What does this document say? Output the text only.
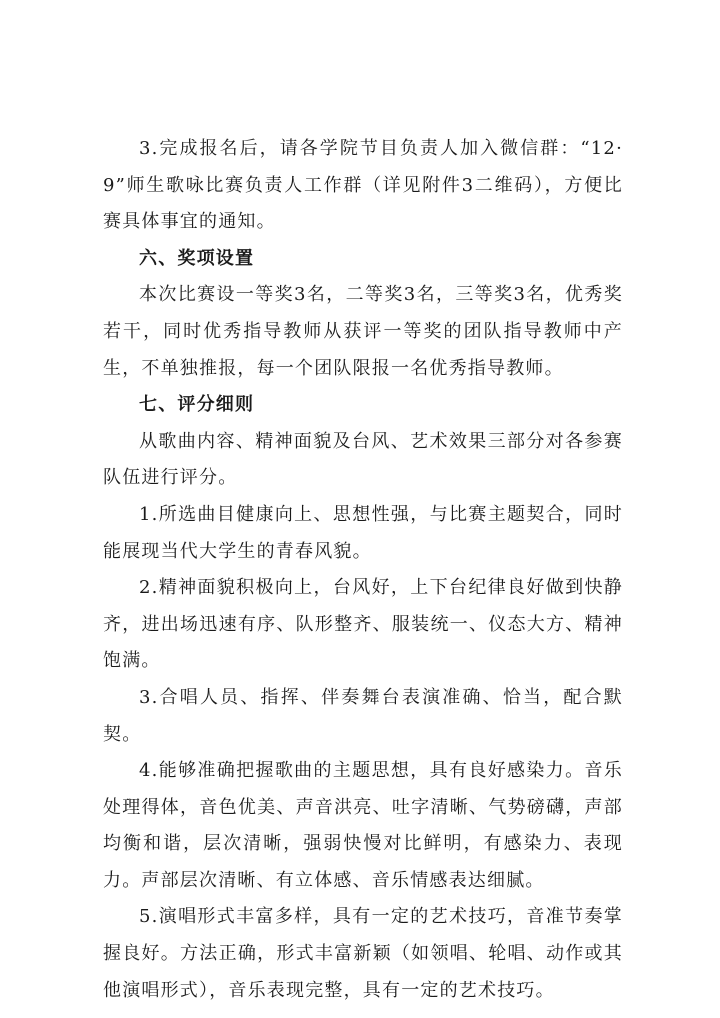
3.完成报名后，请各学院节目负责人加入微信群：“12·9”师生歌咏比赛负责人工作群（详见附件3二维码），方便比赛具体事宜的通知。

六、奖项设置

本次比赛设一等奖3名，二等奖3名，三等奖3名，优秀奖若干，同时优秀指导教师从获评一等奖的团队指导教师中产生，不单独推报，每一个团队限报一名优秀指导教师。

七、评分细则

从歌曲内容、精神面貌及台风、艺术效果三部分对各参赛队伍进行评分。

1.所选曲目健康向上、思想性强，与比赛主题契合，同时能展现当代大学生的青春风貌。

2.精神面貌积极向上，台风好，上下台纪律良好做到快静齐，进出场迅速有序、队形整齐、服装统一、仪态大方、精神饱满。

3.合唱人员、指挥、伴奏舞台表演准确、恰当，配合默契。

4.能够准确把握歌曲的主题思想，具有良好感染力。音乐处理得体，音色优美、声音洪亮、吐字清晰、气势磅礴，声部均衡和谐，层次清晰，强弱快慢对比鲜明，有感染力、表现力。声部层次清晰、有立体感、音乐情感表达细腻。

5.演唱形式丰富多样，具有一定的艺术技巧，音准节奏掌握良好。方法正确，形式丰富新颖（如领唱、轮唱、动作或其他演唱形式），音乐表现完整，具有一定的艺术技巧。
